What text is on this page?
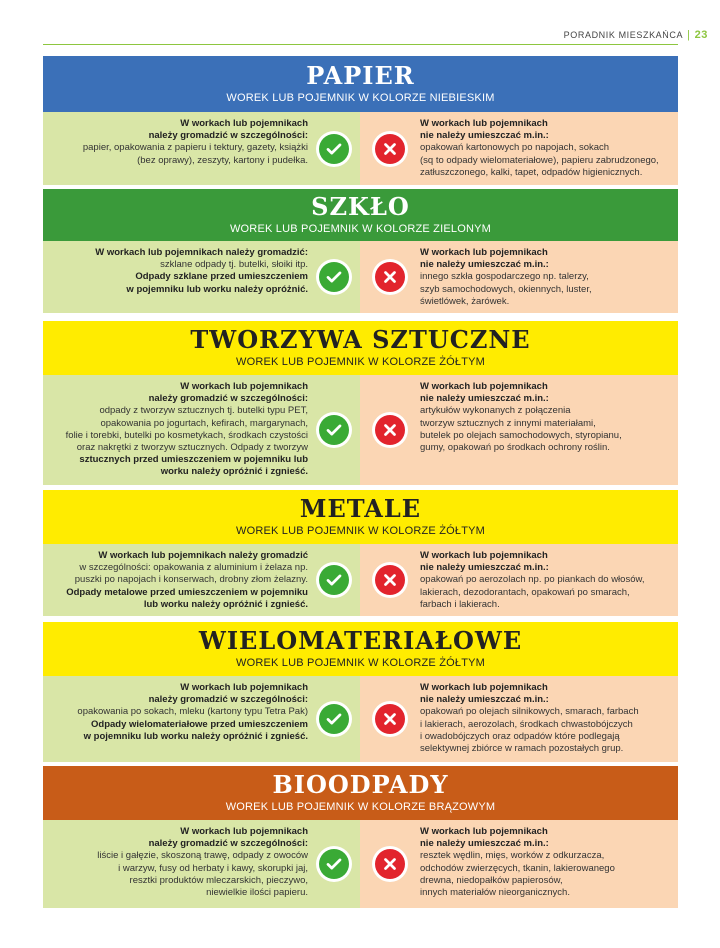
PORADNIK MIESZKAŃCA | 23
PAPIER
WOREK LUB POJEMNIK W KOLORZE NIEBIESKIM
W workach lub pojemnikach
należy gromadzić w szczególności:
papier, opakowania z papieru i tektury, gazety, książki
(bez oprawy), zeszyty, kartony i pudełka.
W workach lub pojemnikach
nie należy umieszczać m.in.:
opakowań kartonowych po napojach, sokach
(sq to odpady wielomateriałowe), papieru zabrudzonego,
zatłuszczonego, kalki, tapet, odpadów higienicznych.
SZKŁO
WOREK LUB POJEMNIK W KOLORZE ZIELONYM
W workach lub pojemnikach należy gromadzić:
szklane odpady tj. butelki, słoiki itp.
Odpady szklane przed umieszczeniem
w pojemniku lub worku należy opróżnić.
W workach lub pojemnikach
nie należy umieszczać m.in.:
innego szkła gospodarczego np. talerzy,
szyb samochodowych, okiennych, luster,
świetlówek, żarówek.
TWORZYWA SZTUCZNE
WOREK LUB POJEMNIK W KOLORZE ŻÓŁTYM
W workach lub pojemnikach
należy gromadzić w szczególności:
odpady z tworzyw sztucznych tj. butelki typu PET,
opakowania po jogurtach, kefirach, margarynach,
folie i torebki, butelki po kosmetykach, środkach czystości
oraz nakrętki z tworzyw sztucznych. Odpady z tworzyw
sztucznych przed umieszczeniem w pojemniku lub
worku należy opróżnić i zgnieść.
W workach lub pojemnikach
nie należy umieszczać m.in.:
artykułów wykonanych z połączenia
tworzyw sztucznych z innymi materiałami,
butelek po olejach samochodowych, styropianu,
gumy, opakowań po środkach ochrony roślin.
METALE
WOREK LUB POJEMNIK W KOLORZE ŻÓŁTYM
W workach lub pojemnikach należy gromadzić
w szczególności: opakowania z aluminium i żelaza np.
puszki po napojach i konserwach, drobny złom żelazny.
Odpady metalowe przed umieszczeniem w pojemniku
lub worku należy opróżnić i zgnieść.
W workach lub pojemnikach
nie należy umieszczać m.in.:
opakowań po aerozolach np. po piankach do włosów,
lakierach, dezodorantach, opakowań po smarach,
farbach i lakierach.
WIELOMATERIAŁOWE
WOREK LUB POJEMNIK W KOLORZE ŻÓŁTYM
W workach lub pojemnikach
należy gromadzić w szczególności:
opakowania po sokach, mleku (kartony typu Tetra Pak)
Odpady wielomateriałowe przed umieszczeniem
w pojemniku lub worku należy opróżnić i zgnieść.
W workach lub pojemnikach
nie należy umieszczać m.in.:
opakowań po olejach silnikowych, smarach, farbach
i lakierach, aerozolach, środkach chwastobójczych
i owadobójczych oraz odpadów które podlegają
selektywnej zbiórce w ramach pozostałych grup.
BIOODPADY
WOREK LUB POJEMNIK W KOLORZE BRĄZOWYM
W workach lub pojemnikach
należy gromadzić w szczególności:
liście i gałęzie, skoszoną trawę, odpady z owoców
i warzyw, fusy od herbaty i kawy, skorupki jaj,
resztki produktów mleczarskich, pieczywo,
niewielkie ilości papieru.
W workach lub pojemnikach
nie należy umieszczać m.in.:
resztek wędlin, mięs, worków z odkurzacza,
odchodów zwierzęcych, tkanin, lakierowanego
drewna, niedopałków papierosów,
innych materiałów nieorganicznych.
